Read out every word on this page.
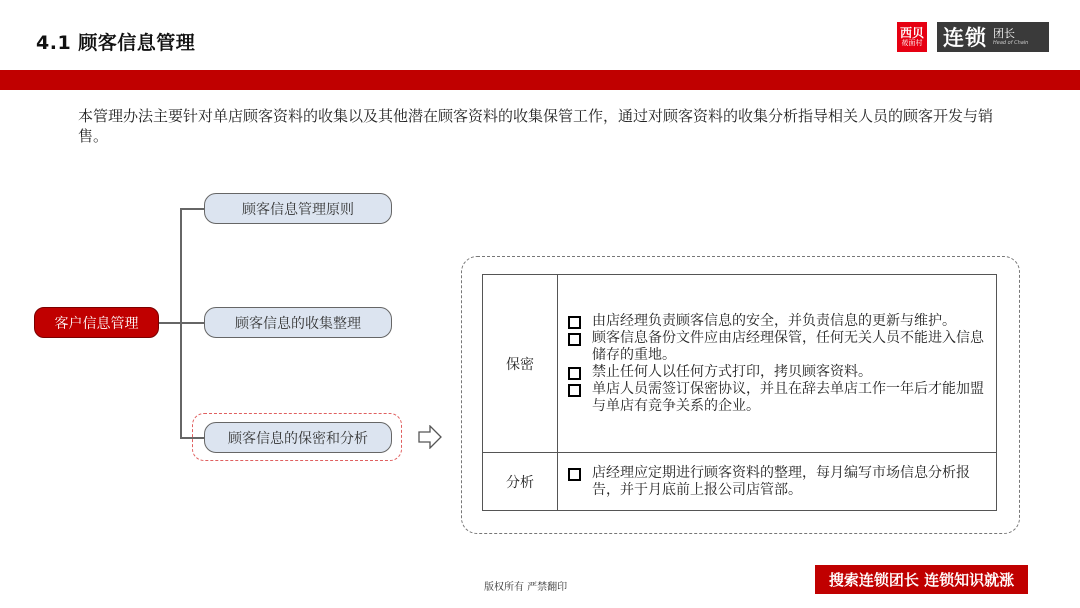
4.1 顾客信息管理	西贝
莜面村 连锁 团长
Head of Chain
本管理办法主要针对单店顾客资料的收集以及其他潜在顾客资料的收集保管工作，通过对顾客资料的收集分析指导相关人员的顾客开发与销售。
客户信息管理
顾客信息管理原则
顾客信息的收集整理
顾客信息的保密和分析
保密	
由店经理负责顾客信息的安全，并负责信息的更新与维护。
顾客信息备份文件应由店经理保管，任何无关人员不能进入信息储存的重地。
禁止任何人以任何方式打印，拷贝顾客资料。
单店人员需签订保密协议，并且在辞去单店工作一年后才能加盟与单店有竞争关系的企业。

分析	
店经理应定期进行顾客资料的整理，每月编写市场信息分析报告，并于月底前上报公司店管部。
版权所有 严禁翻印	搜索连锁团长 连锁知识就涨
